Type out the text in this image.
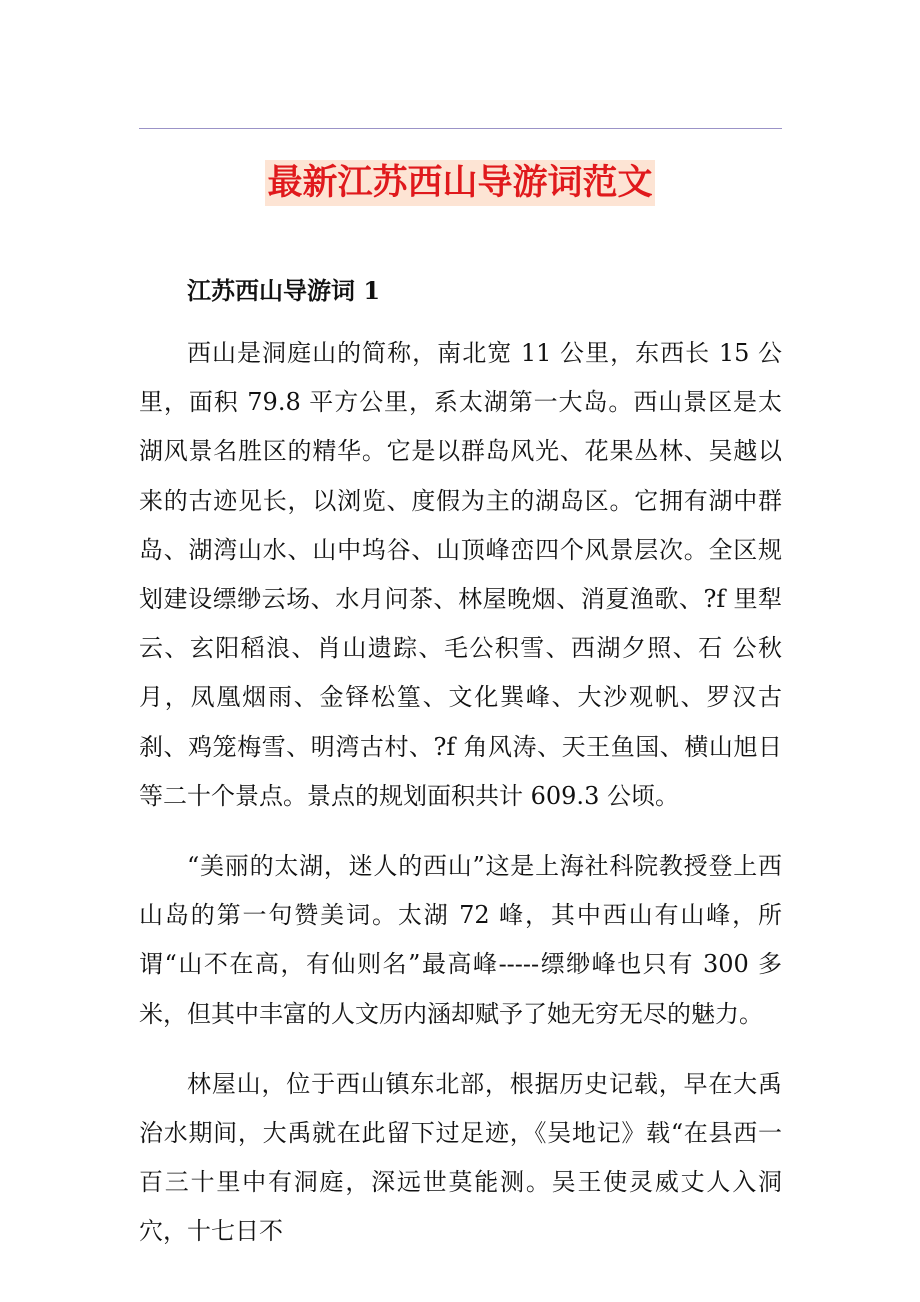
最新江苏西山导游词范文

江苏西山导游词 1

西山是洞庭山的简称，南北宽 11 公里，东西长 15 公里，面积 79.8 平方公里，系太湖第一大岛。西山景区是太湖风景名胜区的精华。它是以群岛风光、花果丛林、吴越以来的古迹见长，以浏览、度假为主的湖岛区。它拥有湖中群岛、湖湾山水、山中坞谷、山顶峰峦四个风景层次。全区规划建设缥缈云场、水月问茶、林屋晚烟、消夏渔歌、?f 里犁云、玄阳稻浪、肖山遗踪、毛公积雪、西湖夕照、石 公秋月，凤凰烟雨、金铎松篁、文化巽峰、大沙观帆、罗汉古刹、鸡笼梅雪、明湾古村、?f 角风涛、天王鱼国、横山旭日等二十个景点。景点的规划面积共计 609.3 公顷。

“美丽的太湖，迷人的西山”这是上海社科院教授登上西山岛的第一句赞美词。太湖 72 峰，其中西山有山峰，所谓“山不在高，有仙则名”最高峰-----缥缈峰也只有 300 多米，但其中丰富的人文历内涵却赋予了她无穷无尽的魅力。

林屋山，位于西山镇东北部，根据历史记载，早在大禹治水期间，大禹就在此留下过足迹，《吴地记》载“在县西一百三十里中有洞庭，深远世莫能测。吴王使灵威丈人入洞穴，十七日不
